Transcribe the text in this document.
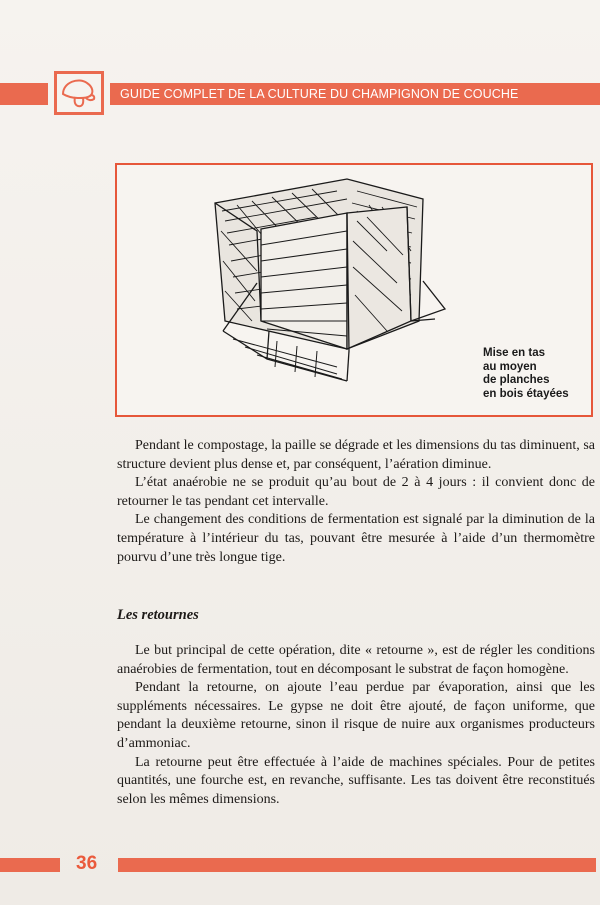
GUIDE COMPLET DE LA CULTURE DU CHAMPIGNON DE COUCHE
Mise en tas
au moyen
de planches
en bois étayées

Pendant le compostage, la paille se dégrade et les dimensions du tas diminuent, sa structure devient plus dense et, par conséquent, l’aération diminue.

L’état anaérobie ne se produit qu’au bout de 2 à 4 jours : il convient donc de retourner le tas pendant cet intervalle.

Le changement des conditions de fermentation est signalé par la diminution de la température à l’intérieur du tas, pouvant être mesurée à l’aide d’un thermomètre pourvu d’une très longue tige.

Les retournes

Le but principal de cette opération, dite « retourne », est de régler les conditions anaérobies de fermentation, tout en décomposant le substrat de façon homogène.

Pendant la retourne, on ajoute l’eau perdue par évaporation, ainsi que les suppléments nécessaires. Le gypse ne doit être ajouté, de façon uniforme, que pendant la deuxième retourne, sinon il risque de nuire aux organismes producteurs d’ammoniac.

La retourne peut être effectuée à l’aide de machines spéciales. Pour de petites quantités, une fourche est, en revanche, suffisante. Les tas doivent être reconstitués selon les mêmes dimensions.

36
